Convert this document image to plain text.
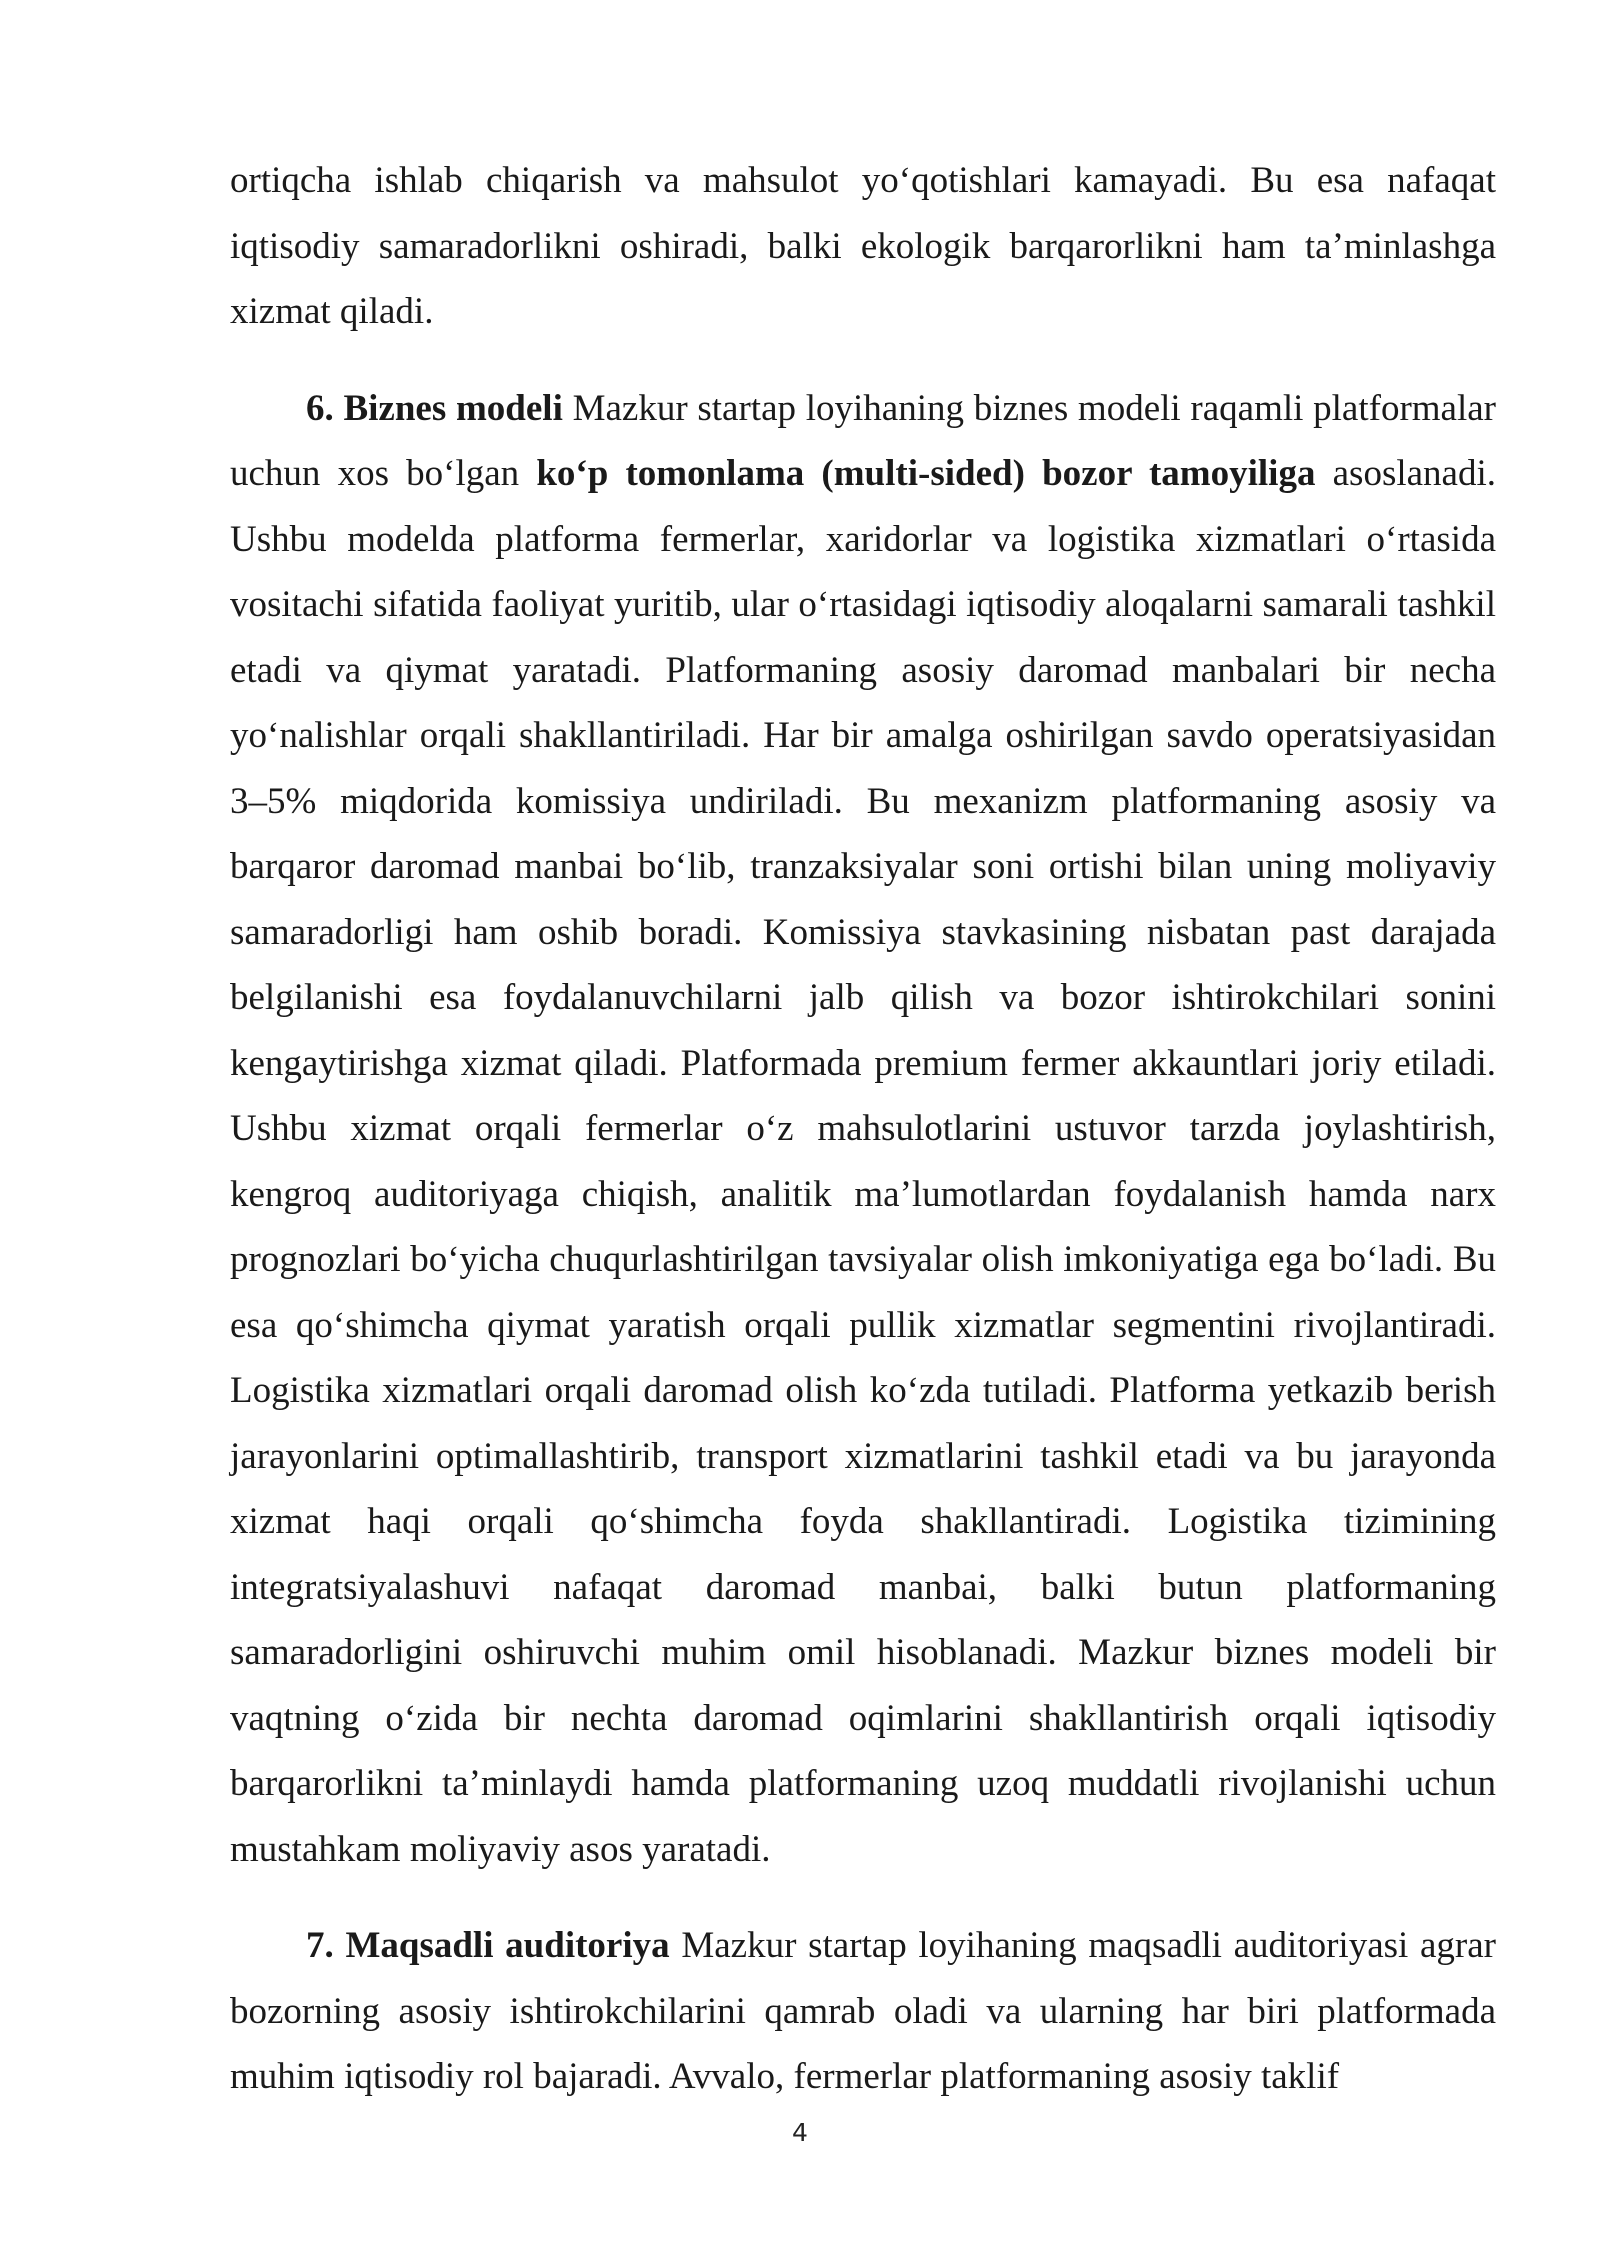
ortiqcha ishlab chiqarish va mahsulot yo‘qotishlari kamayadi. Bu esa nafaqat iqtisodiy samaradorlikni oshiradi, balki ekologik barqarorlikni ham ta’minlashga xizmat qiladi.

6. Biznes modeli Mazkur startap loyihaning biznes modeli raqamli platformalar uchun xos bo‘lgan ko‘p tomonlama (multi-sided) bozor tamoyiliga asoslanadi. Ushbu modelda platforma fermerlar, xaridorlar va logistika xizmatlari o‘rtasida vositachi sifatida faoliyat yuritib, ular o‘rtasidagi iqtisodiy aloqalarni samarali tashkil etadi va qiymat yaratadi. Platformaning asosiy daromad manbalari bir necha yo‘nalishlar orqali shakllantiriladi. Har bir amalga oshirilgan savdo operatsiyasidan 3–5% miqdorida komissiya undiriladi. Bu mexanizm platformaning asosiy va barqaror daromad manbai bo‘lib, tranzaksiyalar soni ortishi bilan uning moliyaviy samaradorligi ham oshib boradi. Komissiya stavkasining nisbatan past darajada belgilanishi esa foydalanuvchilarni jalb qilish va bozor ishtirokchilari sonini kengaytirishga xizmat qiladi. Platformada premium fermer akkauntlari joriy etiladi. Ushbu xizmat orqali fermerlar o‘z mahsulotlarini ustuvor tarzda joylashtirish, kengroq auditoriyaga chiqish, analitik ma’lumotlardan foydalanish hamda narx prognozlari bo‘yicha chuqurlashtirilgan tavsiyalar olish imkoniyatiga ega bo‘ladi. Bu esa qo‘shimcha qiymat yaratish orqali pullik xizmatlar segmentini rivojlantiradi. Logistika xizmatlari orqali daromad olish ko‘zda tutiladi. Platforma yetkazib berish jarayonlarini optimallashtirib, transport xizmatlarini tashkil etadi va bu jarayonda xizmat haqi orqali qo‘shimcha foyda shakllantiradi. Logistika tizimining integratsiyalashuvi nafaqat daromad manbai, balki butun platformaning samaradorligini oshiruvchi muhim omil hisoblanadi. Mazkur biznes modeli bir vaqtning o‘zida bir nechta daromad oqimlarini shakllantirish orqali iqtisodiy barqarorlikni ta’minlaydi hamda platformaning uzoq muddatli rivojlanishi uchun mustahkam moliyaviy asos yaratadi.

7. Maqsadli auditoriya Mazkur startap loyihaning maqsadli auditoriyasi agrar bozorning asosiy ishtirokchilarini qamrab oladi va ularning har biri platformada muhim iqtisodiy rol bajaradi. Avvalo, fermerlar platformaning asosiy taklif

4
